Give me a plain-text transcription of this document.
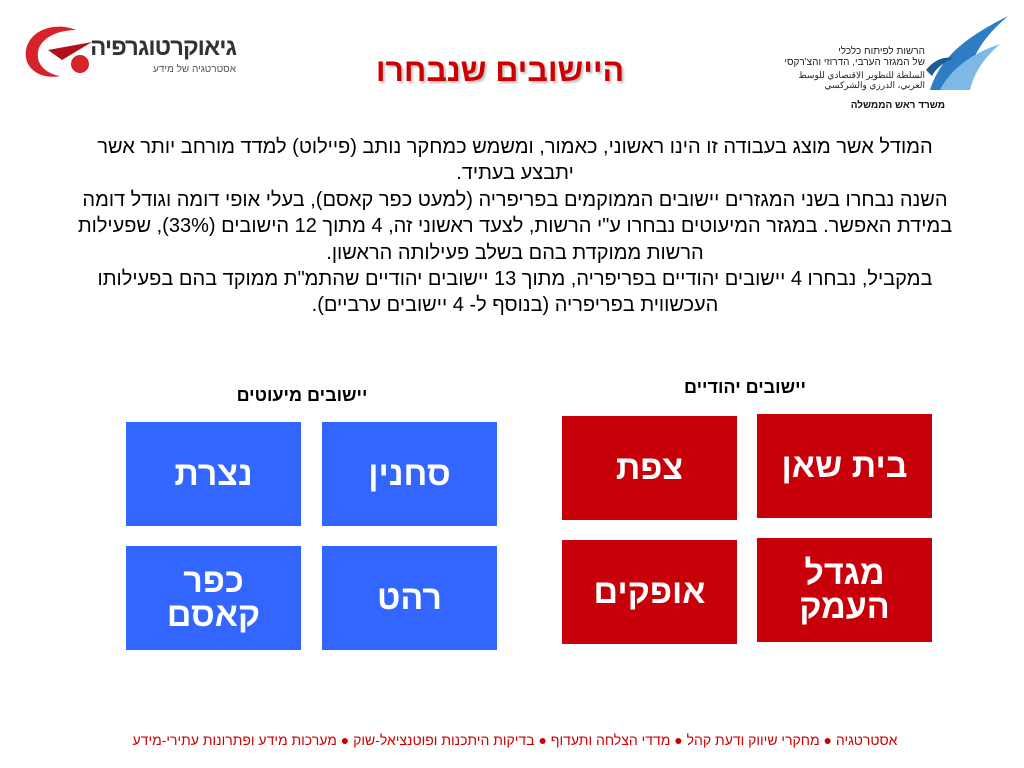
גיאוקרטוגרפיה
אסטרטגיה של מידע
הרשות לפיתוח כלכלי
של המגזר הערבי, הדרוזי והצ'רקסי
السلطة للتطوير الاقتصادي للوسط
العربي، الدرزي والشركسي
משרד ראש הממשלה
היישובים שנבחרו

המודל אשר מוצג בעבודה זו הינו ראשוני, כאמור, ומשמש כמחקר נותב (פיילוט) למדד מורחב יותר אשר יתבצע בעתיד.

השנה נבחרו בשני המגזרים יישובים הממוקמים בפריפריה (למעט כפר קאסם), בעלי אופי דומה וגודל דומה במידת האפשר. במגזר המיעוטים נבחרו ע"י הרשות, לצעד ראשוני זה, 4 מתוך 12 הישובים (33%), שפעילות הרשות ממוקדת בהם בשלב פעילותה הראשון.

במקביל, נבחרו 4 יישובים יהודיים בפריפריה, מתוך 13 יישובים יהודיים שהתמ"ת ממוקד בהם בפעילותו העכשווית בפריפריה (בנוסף ל- 4 יישובים ערביים).

יישובים מיעוטים	יישובים יהודיים
נצרת	סחנין
כפר קאסם	רהט
צפת	בית שאן
אופקים	מגדל העמק
אסטרטגיה ● מחקרי שיווק ודעת קהל ● מדדי הצלחה ותעדוף ● בדיקות היתכנות ופוטנציאל-שוק ● מערכות מידע ופתרונות עתירי-מידע
